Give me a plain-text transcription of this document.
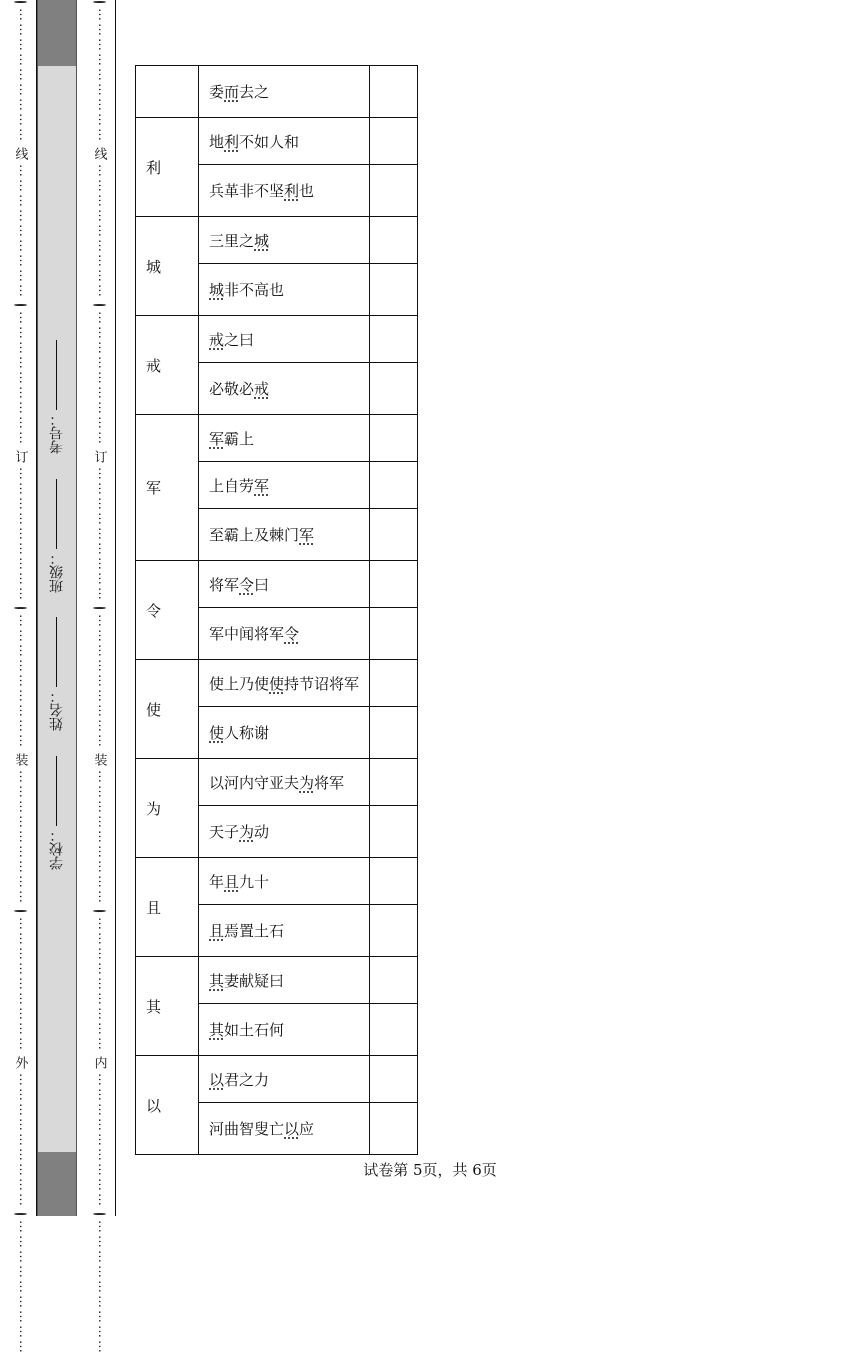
⋯⋯⋯⋯⋯⋯⋯⋯⋯
线
⋯⋯⋯⋯⋯⋯⋯⋯⋯
⋯⋯⋯⋯⋯⋯⋯⋯⋯
订
⋯⋯⋯⋯⋯⋯⋯⋯⋯
⋯⋯⋯⋯⋯⋯⋯⋯⋯
装
⋯⋯⋯⋯⋯⋯⋯⋯⋯
⋯⋯⋯⋯⋯⋯⋯⋯⋯
外
⋯⋯⋯⋯⋯⋯⋯⋯⋯
⋯⋯⋯⋯⋯⋯⋯⋯⋯
⋯⋯⋯⋯⋯⋯⋯⋯⋯
线
⋯⋯⋯⋯⋯⋯⋯⋯⋯
⋯⋯⋯⋯⋯⋯⋯⋯⋯
订
⋯⋯⋯⋯⋯⋯⋯⋯⋯
⋯⋯⋯⋯⋯⋯⋯⋯⋯
装
⋯⋯⋯⋯⋯⋯⋯⋯⋯
⋯⋯⋯⋯⋯⋯⋯⋯⋯
内
⋯⋯⋯⋯⋯⋯⋯⋯⋯
⋯⋯⋯⋯⋯⋯⋯⋯⋯
学校：
姓名：
班级：
考号：
	委而去之	
利	地利不如人和	
	兵革非不坚利也	
城	三里之城	
	城非不高也	
戒	戒之曰	
	必敬必戒	
军	军霸上	
	上自劳军	
	至霸上及棘门军	
令	将军令曰	
	军中闻将军令	
使	使上乃使使持节诏将军	
	使人称谢	
为	以河内守亚夫为将军	
	天子为动	
且	年且九十	
	且焉置土石	
其	其妻献疑曰	
	其如土石何	
以	以君之力	
	河曲智叟亡以应	
试卷第 5页，共 6页
